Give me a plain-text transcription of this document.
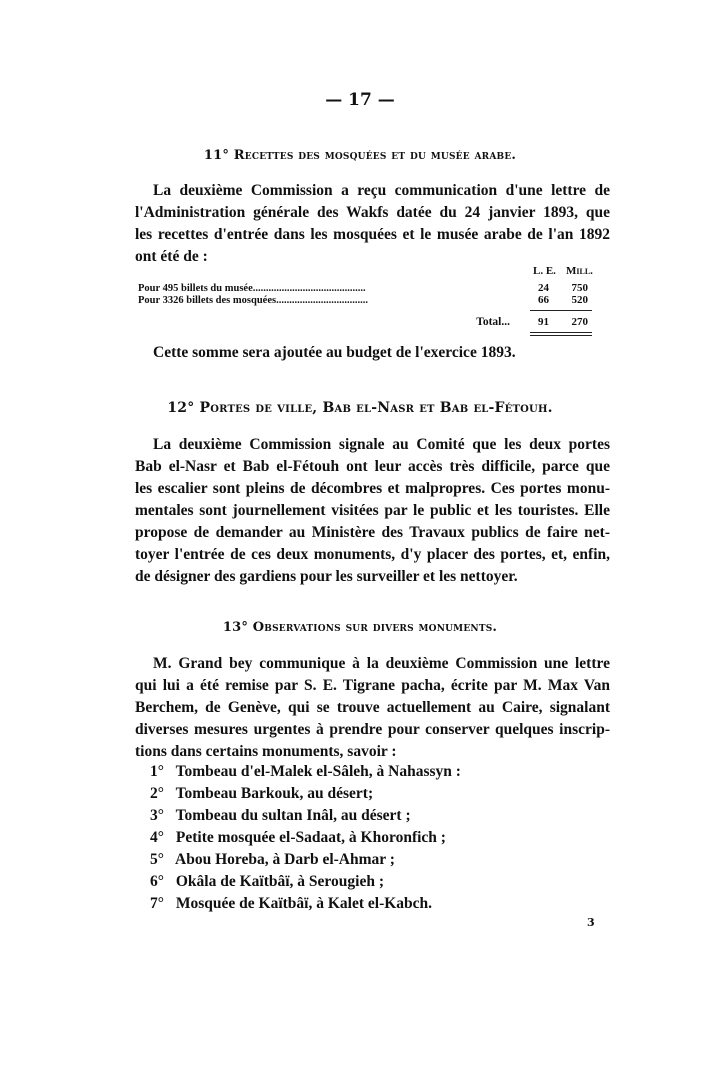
— 17 —
11° Recettes des mosquées et du musée arabe.
La deuxième Commission a reçu communication d'une lettre de
l'Administration générale des Wakfs datée du 24 janvier 1893, que
les recettes d'entrée dans les mosquées et le musée arabe de l'an 1892
ont été de :
L. E. Mill.
Pour 495 billets du musée...........................................	24	750
Pour 3326 billets des mosquées...................................	66	520
Total...	91	270
Cette somme sera ajoutée au budget de l'exercice 1893.
12° Portes de ville, Bab el-Nasr et Bab el-Fétouh.
La deuxième Commission signale au Comité que les deux portes
Bab el-Nasr et Bab el-Fétouh ont leur accès très difficile, parce que
les escalier sont pleins de décombres et malpropres. Ces portes monu-
mentales sont journellement visitées par le public et les touristes. Elle
propose de demander au Ministère des Travaux publics de faire net-
toyer l'entrée de ces deux monuments, d'y placer des portes, et, enfin,
de désigner des gardiens pour les surveiller et les nettoyer.
13° Observations sur divers monuments.
M. Grand bey communique à la deuxième Commission une lettre
qui lui a été remise par S. E. Tigrane pacha, écrite par M. Max Van
Berchem, de Genève, qui se trouve actuellement au Caire, signalant
diverses mesures urgentes à prendre pour conserver quelques inscrip-
tions dans certains monuments, savoir :
1° Tombeau d'el-Malek el-Sâleh, à Nahassyn :
2° Tombeau Barkouk, au désert;
3° Tombeau du sultan Inâl, au désert ;
4° Petite mosquée el-Sadaat, à Khoronfich ;
5° Abou Horeba, à Darb el-Ahmar ;
6° Okâla de Kaïtbâï, à Serougieh ;
7° Mosquée de Kaïtbâï, à Kalet el-Kabch.
3
